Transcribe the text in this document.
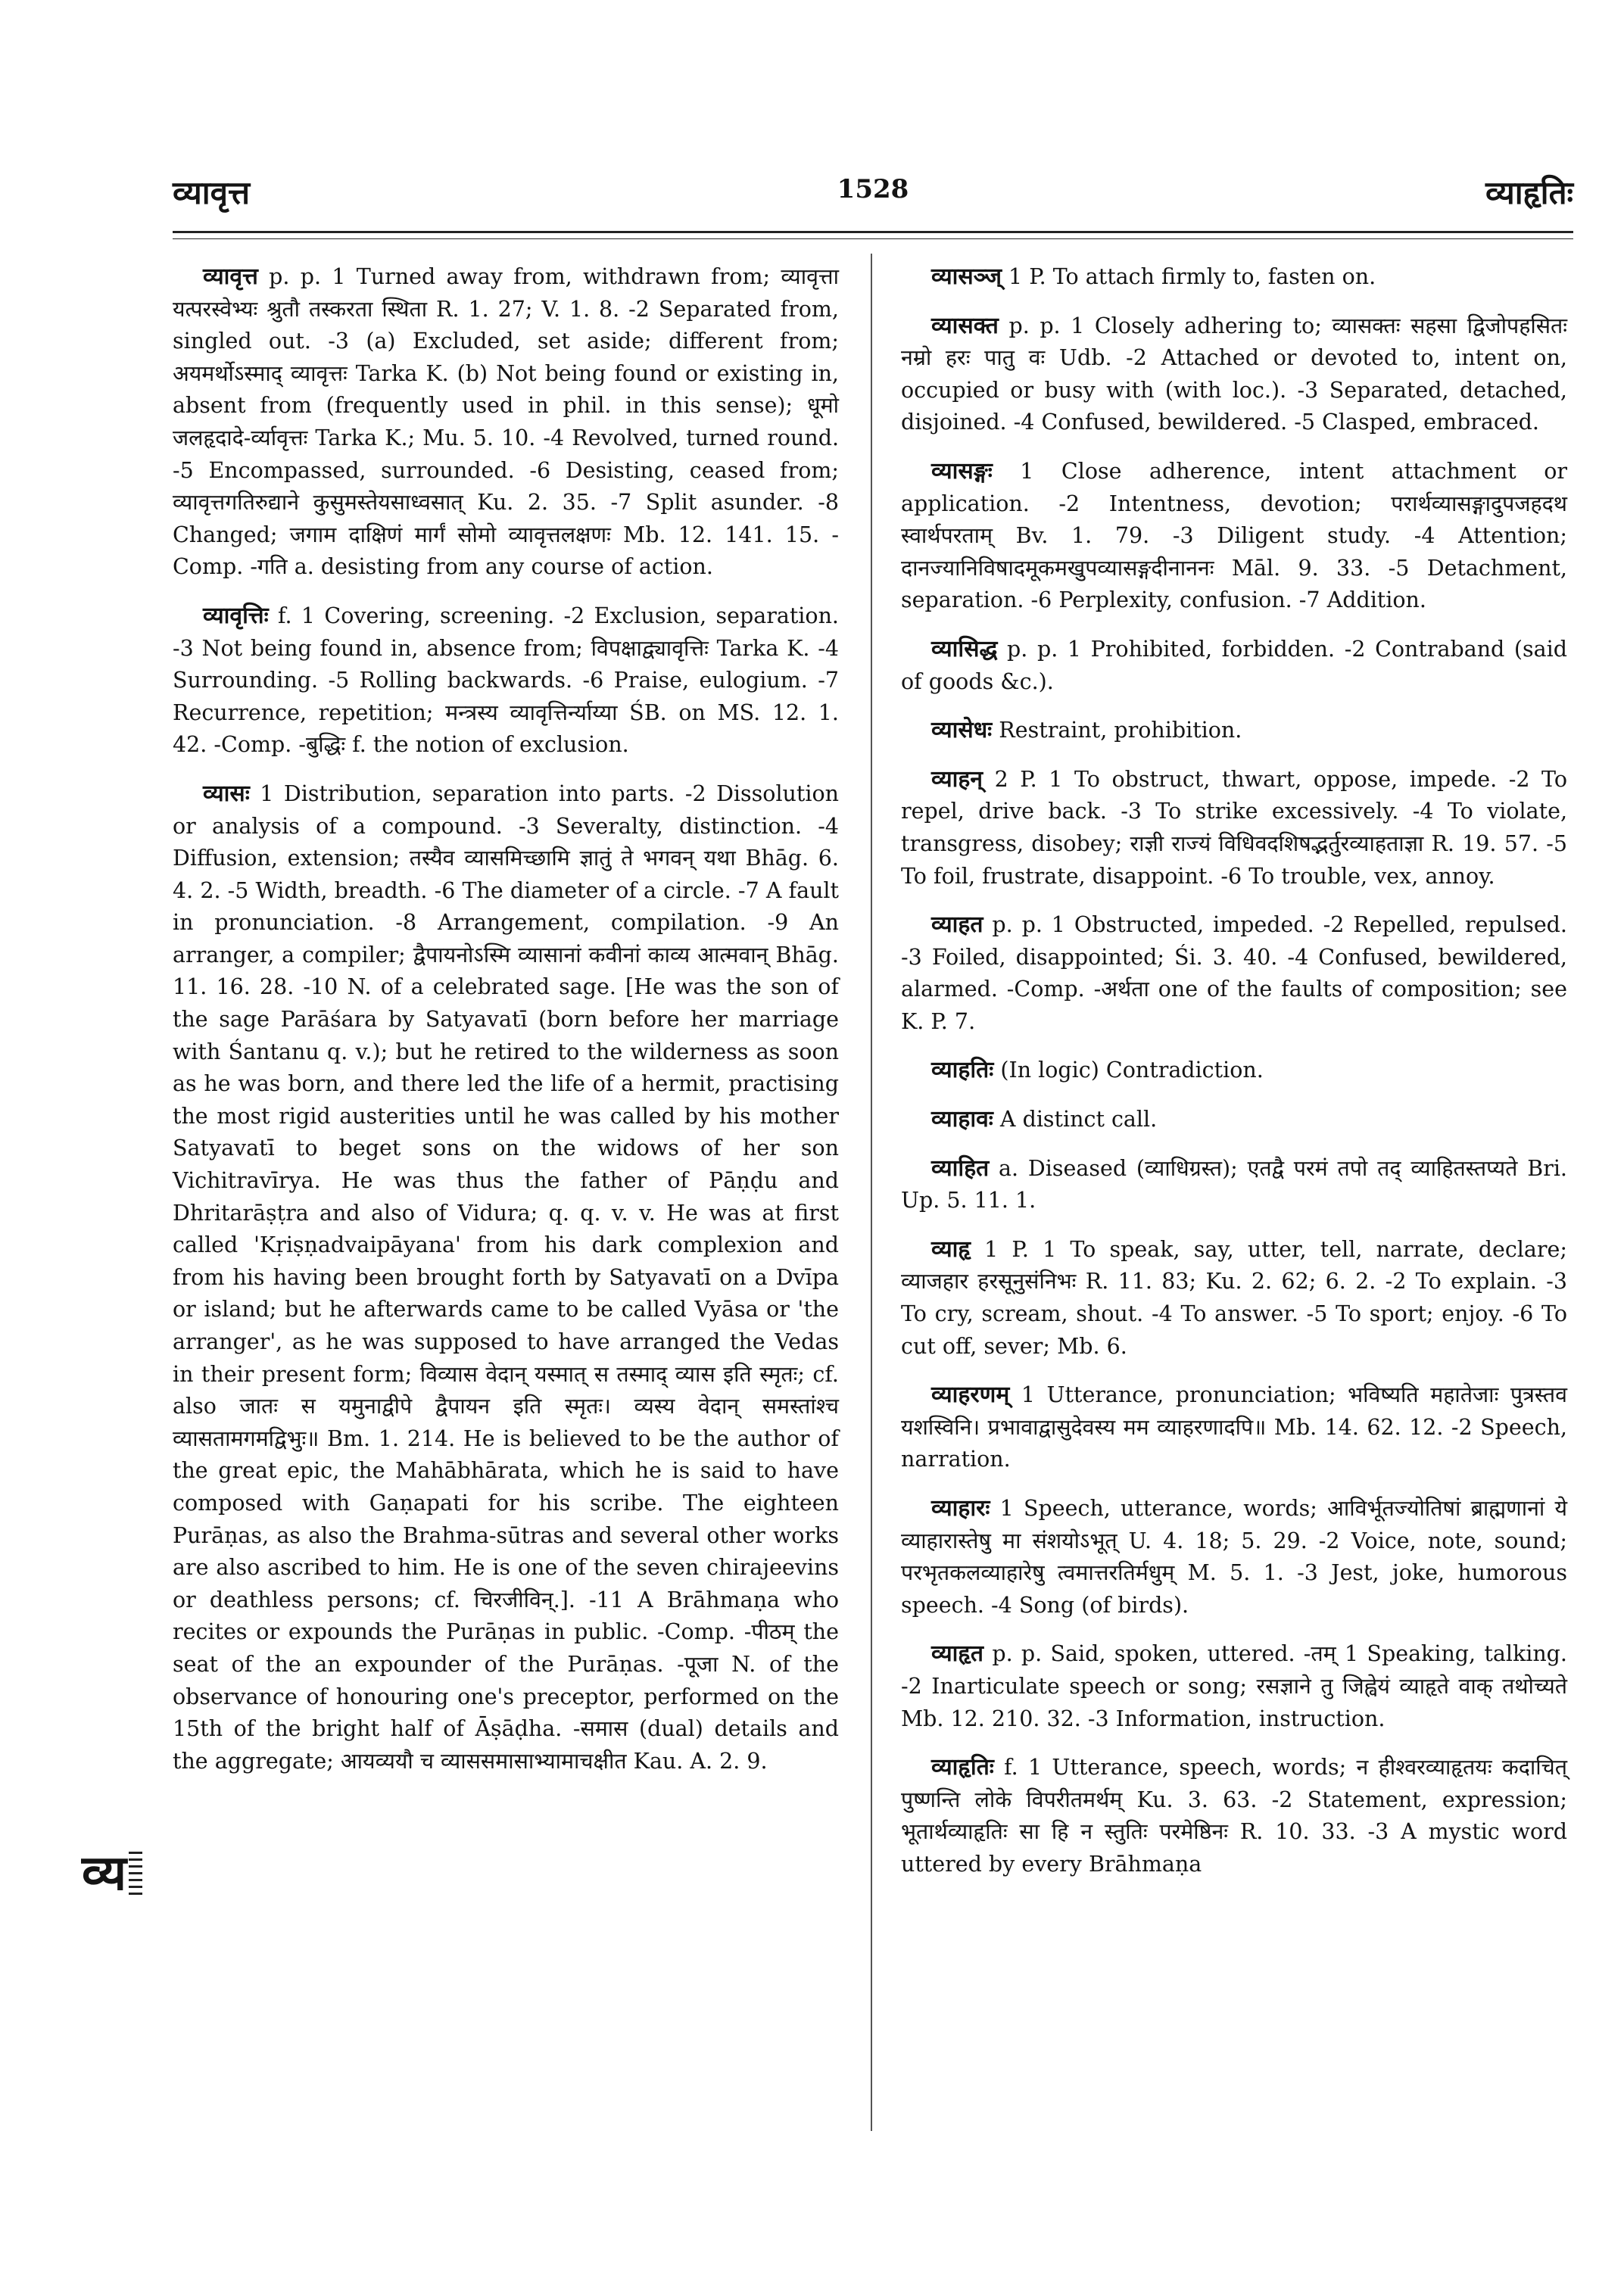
व्यावृत्त	1528	व्याहृतिः

व्यावृत्त p. p. 1 Turned away from, withdrawn from; व्यावृत्ता यत्परस्वेभ्यः श्रुतौ तस्करता स्थिता R. 1. 27; V. 1. 8. -2 Separated from, singled out. -3 (a) Excluded, set aside; different from; अयमर्थोऽस्माद् व्यावृत्तः Tarka K. (b) Not being found or existing in, absent from (frequently used in phil. in this sense); धूमो जलहृदादे-र्व्यावृत्तः Tarka K.; Mu. 5. 10. -4 Revolved, turned round. -5 Encompassed, surrounded. -6 Desisting, ceased from; व्यावृत्तगतिरुद्याने कुसुमस्तेयसाध्वसात् Ku. 2. 35. -7 Split asunder. -8 Changed; जगाम दाक्षिणं मार्गं सोमो व्यावृत्तलक्षणः Mb. 12. 141. 15. -Comp. -गति a. desisting from any course of action.

व्यावृत्तिः f. 1 Covering, screening. -2 Exclusion, separation. -3 Not being found in, absence from; विपक्षाद्व्यावृत्तिः Tarka K. -4 Surrounding. -5 Rolling backwards. -6 Praise, eulogium. -7 Recurrence, repetition; मन्त्रस्य व्यावृत्तिर्न्याय्या ŚB. on MS. 12. 1. 42. -Comp. -बुद्धिः f. the notion of exclusion.

व्यासः 1 Distribution, separation into parts. -2 Dissolution or analysis of a compound. -3 Severalty, distinction. -4 Diffusion, extension; तस्यैव व्यासमिच्छामि ज्ञातुं ते भगवन् यथा Bhāg. 6. 4. 2. -5 Width, breadth. -6 The diameter of a circle. -7 A fault in pronunciation. -8 Arrangement, compilation. -9 An arranger, a compiler; द्वैपायनोऽस्मि व्यासानां कवीनां काव्य आत्मवान् Bhāg. 11. 16. 28. -10 N. of a celebrated sage. [He was the son of the sage Parāśara by Satyavatī (born before her marriage with Śantanu q. v.); but he retired to the wilderness as soon as he was born, and there led the life of a hermit, practising the most rigid austerities until he was called by his mother Satyavatī to beget sons on the widows of her son Vichitravīrya. He was thus the father of Pāṇḍu and Dhritarāṣṭra and also of Vidura; q. q. v. v. He was at first called 'Kṛiṣṇadvaipāyana' from his dark complexion and from his having been brought forth by Satyavatī on a Dvīpa or island; but he afterwards came to be called Vyāsa or 'the arranger', as he was supposed to have arranged the Vedas in their present form; विव्यास वेदान् यस्मात् स तस्माद् व्यास इति स्मृतः; cf. also जातः स यमुनाद्वीपे द्वैपायन इति स्मृतः। व्यस्य वेदान् समस्तांश्च व्यासतामगमद्विभुः॥ Bm. 1. 214. He is believed to be the author of the great epic, the Mahābhārata, which he is said to have composed with Gaṇapati for his scribe. The eighteen Purāṇas, as also the Brahma-sūtras and several other works are also ascribed to him. He is one of the seven chirajeevins or deathless persons; cf. चिरजीविन्.]. -11 A Brāhmaṇa who recites or expounds the Purāṇas in public. -Comp. -पीठम् the seat of the an expounder of the Purāṇas. -पूजा N. of the observance of honouring one's preceptor, performed on the 15th of the bright half of Āṣāḍha. -समास (dual) details and the aggregate; आयव्ययौ च व्याससमासाभ्यामाचक्षीत Kau. A. 2. 9.

व्यासञ्ज् 1 P. To attach firmly to, fasten on.

व्यासक्त p. p. 1 Closely adhering to; व्यासक्तः सहसा द्विजोपहसितः नम्रो हरः पातु वः Udb. -2 Attached or devoted to, intent on, occupied or busy with (with loc.). -3 Separated, detached, disjoined. -4 Confused, bewildered. -5 Clasped, embraced.

व्यासङ्गः 1 Close adherence, intent attachment or application. -2 Intentness, devotion; परार्थव्यासङ्गादुपजहदथ स्वार्थपरताम् Bv. 1. 79. -3 Diligent study. -4 Attention; दानज्यानिविषादमूकमखुपव्यासङ्गदीनाननः Māl. 9. 33. -5 Detachment, separation. -6 Perplexity, confusion. -7 Addition.

व्यासिद्ध p. p. 1 Prohibited, forbidden. -2 Contraband (said of goods &c.).

व्यासेधः Restraint, prohibition.

व्याहन् 2 P. 1 To obstruct, thwart, oppose, impede. -2 To repel, drive back. -3 To strike excessively. -4 To violate, transgress, disobey; राज्ञी राज्यं विधिवदशिषद्भर्तुरव्याहताज्ञा R. 19. 57. -5 To foil, frustrate, disappoint. -6 To trouble, vex, annoy.

व्याहत p. p. 1 Obstructed, impeded. -2 Repelled, repulsed. -3 Foiled, disappointed; Śi. 3. 40. -4 Confused, bewildered, alarmed. -Comp. -अर्थता one of the faults of composition; see K. P. 7.

व्याहतिः (In logic) Contradiction.

व्याहावः A distinct call.

व्याहित a. Diseased (व्याधिग्रस्त); एतद्वै परमं तपो तद् व्याहितस्तप्यते Bri. Up. 5. 11. 1.

व्याहृ 1 P. 1 To speak, say, utter, tell, narrate, declare; व्याजहार हरसूनुसंनिभः R. 11. 83; Ku. 2. 62; 6. 2. -2 To explain. -3 To cry, scream, shout. -4 To answer. -5 To sport; enjoy. -6 To cut off, sever; Mb. 6.

व्याहरणम् 1 Utterance, pronunciation; भविष्यति महातेजाः पुत्रस्तव यशस्विनि। प्रभावाद्वासुदेवस्य मम व्याहरणादपि॥ Mb. 14. 62. 12. -2 Speech, narration.

व्याहारः 1 Speech, utterance, words; आविर्भूतज्योतिषां ब्राह्मणानां ये व्याहारास्तेषु मा संशयोऽभूत् U. 4. 18; 5. 29. -2 Voice, note, sound; परभृतकलव्याहारेषु त्वमात्तरतिर्मधुम् M. 5. 1. -3 Jest, joke, humorous speech. -4 Song (of birds).

व्याहृत p. p. Said, spoken, uttered. -तम् 1 Speaking, talking. -2 Inarticulate speech or song; रसज्ञाने तु जिह्वेयं व्याहृते वाक् तथोच्यते Mb. 12. 210. 32. -3 Information, instruction.

व्याहृतिः f. 1 Utterance, speech, words; न हीश्वरव्याहृतयः कदाचित् पुष्णन्ति लोके विपरीतमर्थम् Ku. 3. 63. -2 Statement, expression; भूतार्थव्याहृतिः सा हि न स्तुतिः परमेष्ठिनः R. 10. 33. -3 A mystic word uttered by every Brāhmaṇa

व्य
